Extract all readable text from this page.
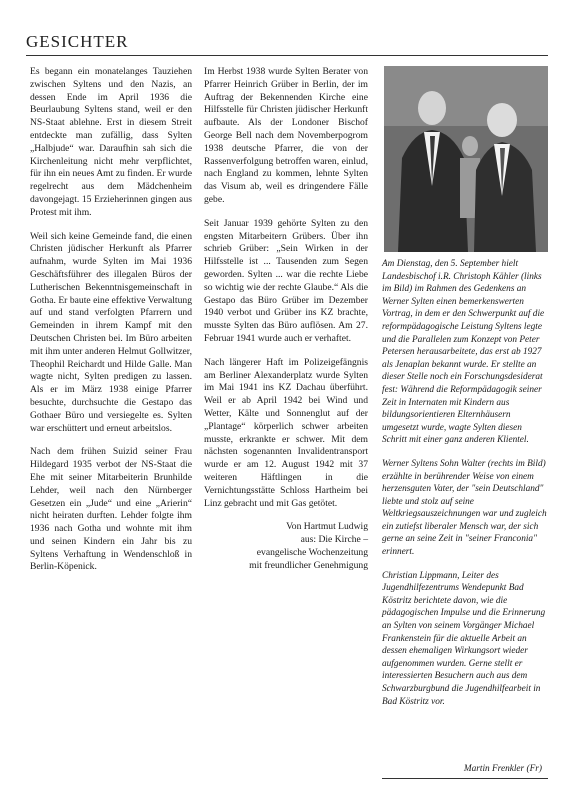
GESICHTER

Es begann ein monatelanges Tauziehen zwischen Syltens und den Nazis, an dessen Ende im April 1936 die Beurlaubung Syltens stand, weil er den NS-Staat ablehne. Erst in diesem Streit entdeckte man zufällig, dass Sylten „Halbjude“ war. Daraufhin sah sich die Kirchenleitung nicht mehr verpflichtet, für ihn ein neues Amt zu finden. Er wurde regelrecht aus dem Mädchenheim davongejagt. 15 Erzieherinnen gingen aus Protest mit ihm.

Weil sich keine Gemeinde fand, die einen Christen jüdischer Herkunft als Pfarrer aufnahm, wurde Sylten im Mai 1936 Geschäftsführer des illegalen Büros der Lutherischen Bekenntnisgemeinschaft in Gotha. Er baute eine effektive Verwaltung auf und stand verfolgten Pfarrern und Gemeinden in ihrem Kampf mit den Deutschen Christen bei. Im Büro arbeiten mit ihm unter anderen Helmut Gollwitzer, Theophil Reichardt und Hilde Galle. Man wagte nicht, Sylten predigen zu lassen. Als er im März 1938 einige Pfarrer besuchte, durchsuchte die Gestapo das Gothaer Büro und versiegelte es. Sylten war erschüttert und erneut arbeitslos.

Nach dem frühen Suizid seiner Frau Hildegard 1935 verbot der NS-Staat die Ehe mit seiner Mitarbeiterin Brunhilde Lehder, weil nach den Nürnberger Gesetzen ein „Jude“ und eine „Arierin“ nicht heiraten durften. Lehder folgte ihm 1936 nach Gotha und wohnte mit ihm und seinen Kindern ein Jahr bis zu Syltens Verhaftung in Wendenschloß in Berlin-Köpenick.

Im Herbst 1938 wurde Sylten Berater von Pfarrer Heinrich Grüber in Berlin, der im Auftrag der Bekennenden Kirche eine Hilfsstelle für Christen jüdischer Herkunft aufbaute. Als der Londoner Bischof George Bell nach dem Novemberpogrom 1938 deutsche Pfarrer, die von der Rassenverfolgung betroffen waren, einlud, nach England zu kommen, lehnte Sylten das Visum ab, weil es dringendere Fälle gebe.

Seit Januar 1939 gehörte Sylten zu den engsten Mitarbeitern Grübers. Über ihn schrieb Grüber: „Sein Wirken in der Hilfsstelle ist ... Tausenden zum Segen geworden. Sylten ... war die rechte Liebe so wichtig wie der rechte Glaube.“ Als die Gestapo das Büro Grüber im Dezember 1940 verbot und Grüber ins KZ brachte, musste Sylten das Büro auflösen. Am 27. Februar 1941 wurde auch er verhaftet.

Nach längerer Haft im Polizeigefängnis am Berliner Alexanderplatz wurde Sylten im Mai 1941 ins KZ Dachau überführt. Weil er ab April 1942 bei Wind und Wetter, Kälte und Sonnenglut auf der „Plantage“ körperlich schwer arbeiten musste, erkrankte er schwer. Mit dem nächsten sogenannten Invalidentransport wurde er am 12. August 1942 mit 37 weiteren Häftlingen in die Vernichtungsstätte Schloss Hartheim bei Linz gebracht und mit Gas getötet.

Von Hartmut Ludwig
aus: Die Kirche –
evangelische Wochenzeitung
mit freundlicher Genehmigung

Am Dienstag, den 5. September hielt Landesbischof i.R. Christoph Kähler (links im Bild) im Rahmen des Gedenkens an Werner Sylten einen bemerkenswerten Vortrag, in dem er den Schwerpunkt auf die reformpädagogische Leistung Syltens legte und die Parallelen zum Konzept von Peter Petersen herausarbeitete, das erst ab 1927 als Jenaplan bekannt wurde. Er stellte an dieser Stelle noch ein Forschungsdesiderat fest: Während die Reformpädagogik seiner Zeit in Internaten mit Kindern aus bildungsorientieren Elternhäusern umgesetzt wurde, wagte Sylten diesen Schritt mit einer ganz anderen Klientel.

Werner Syltens Sohn Walter (rechts im Bild) erzählte in berührender Weise von einem herzensguten Vater, der "sein Deutschland" liebte und stolz auf seine Weltkriegsauszeichnungen war und zugleich ein zutiefst liberaler Mensch war, der sich gerne an seine Zeit in "seiner Franconia" erinnert.

Christian Lippmann, Leiter des Jugendhilfezentrums Wendepunkt Bad Köstritz berichtete davon, wie die pädagogischen Impulse und die Erinnerung an Sylten von seinem Vorgänger Michael Frankenstein für die aktuelle Arbeit an dessen ehemaligen Wirkungsort wieder aufgenommen wurden. Gerne stellt er interessierten Besuchern auch aus dem Schwarzburgbund die Jugendhilfearbeit in Bad Köstritz vor.

Martin Frenkler (Fr)
